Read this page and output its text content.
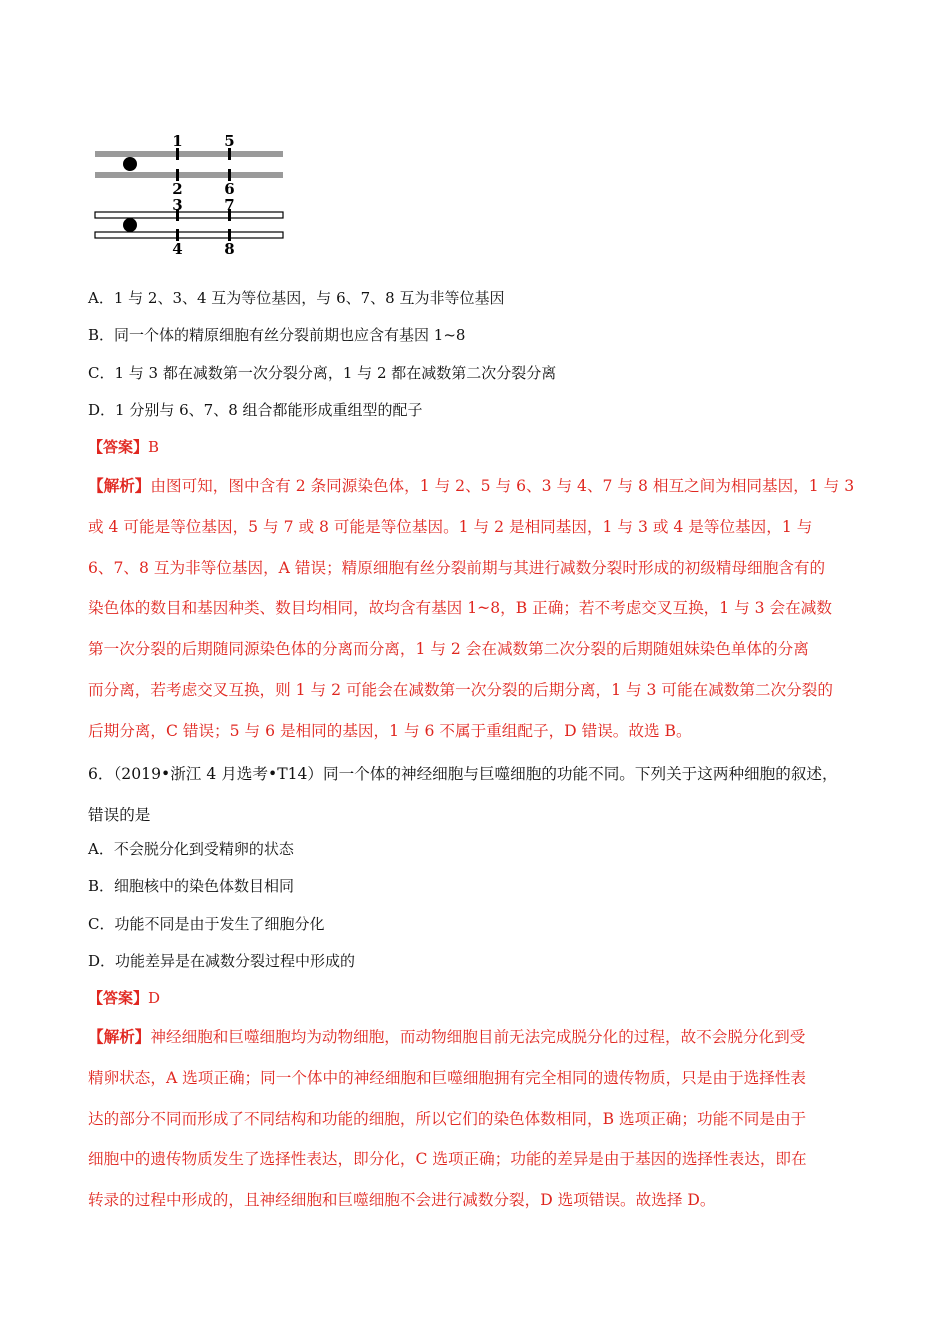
1	5
2	6
3	7
4	8
A．1 与 2、3、4 互为等位基因，与 6、7、8 互为非等位基因
B．同一个体的精原细胞有丝分裂前期也应含有基因 1~8
C．1 与 3 都在减数第一次分裂分离，1 与 2 都在减数第二次分裂分离
D．1 分别与 6、7、8 组合都能形成重组型的配子
【答案】B
【解析】由图可知，图中含有 2 条同源染色体，1 与 2、5 与 6、3 与 4、7 与 8 相互之间为相同基因，1 与 3
或 4 可能是等位基因，5 与 7 或 8 可能是等位基因。1 与 2 是相同基因，1 与 3 或 4 是等位基因，1 与
6、7、8 互为非等位基因，A 错误；精原细胞有丝分裂前期与其进行减数分裂时形成的初级精母细胞含有的
染色体的数目和基因种类、数目均相同，故均含有基因 1~8，B 正确；若不考虑交叉互换，1 与 3 会在减数
第一次分裂的后期随同源染色体的分离而分离，1 与 2 会在减数第二次分裂的后期随姐妹染色单体的分离
而分离，若考虑交叉互换，则 1 与 2 可能会在减数第一次分裂的后期分离，1 与 3 可能在减数第二次分裂的
后期分离，C 错误；5 与 6 是相同的基因，1 与 6 不属于重组配子，D 错误。故选 B。
6．（2019•浙江 4 月选考•T14）同一个体的神经细胞与巨噬细胞的功能不同。下列关于这两种细胞的叙述，
错误的是
A．不会脱分化到受精卵的状态
B．细胞核中的染色体数目相同
C．功能不同是由于发生了细胞分化
D．功能差异是在减数分裂过程中形成的
【答案】D
【解析】神经细胞和巨噬细胞均为动物细胞，而动物细胞目前无法完成脱分化的过程，故不会脱分化到受
精卵状态，A 选项正确；同一个体中的神经细胞和巨噬细胞拥有完全相同的遗传物质，只是由于选择性表
达的部分不同而形成了不同结构和功能的细胞，所以它们的染色体数相同，B 选项正确；功能不同是由于
细胞中的遗传物质发生了选择性表达，即分化，C 选项正确；功能的差异是由于基因的选择性表达，即在
转录的过程中形成的，且神经细胞和巨噬细胞不会进行减数分裂，D 选项错误。故选择 D。
